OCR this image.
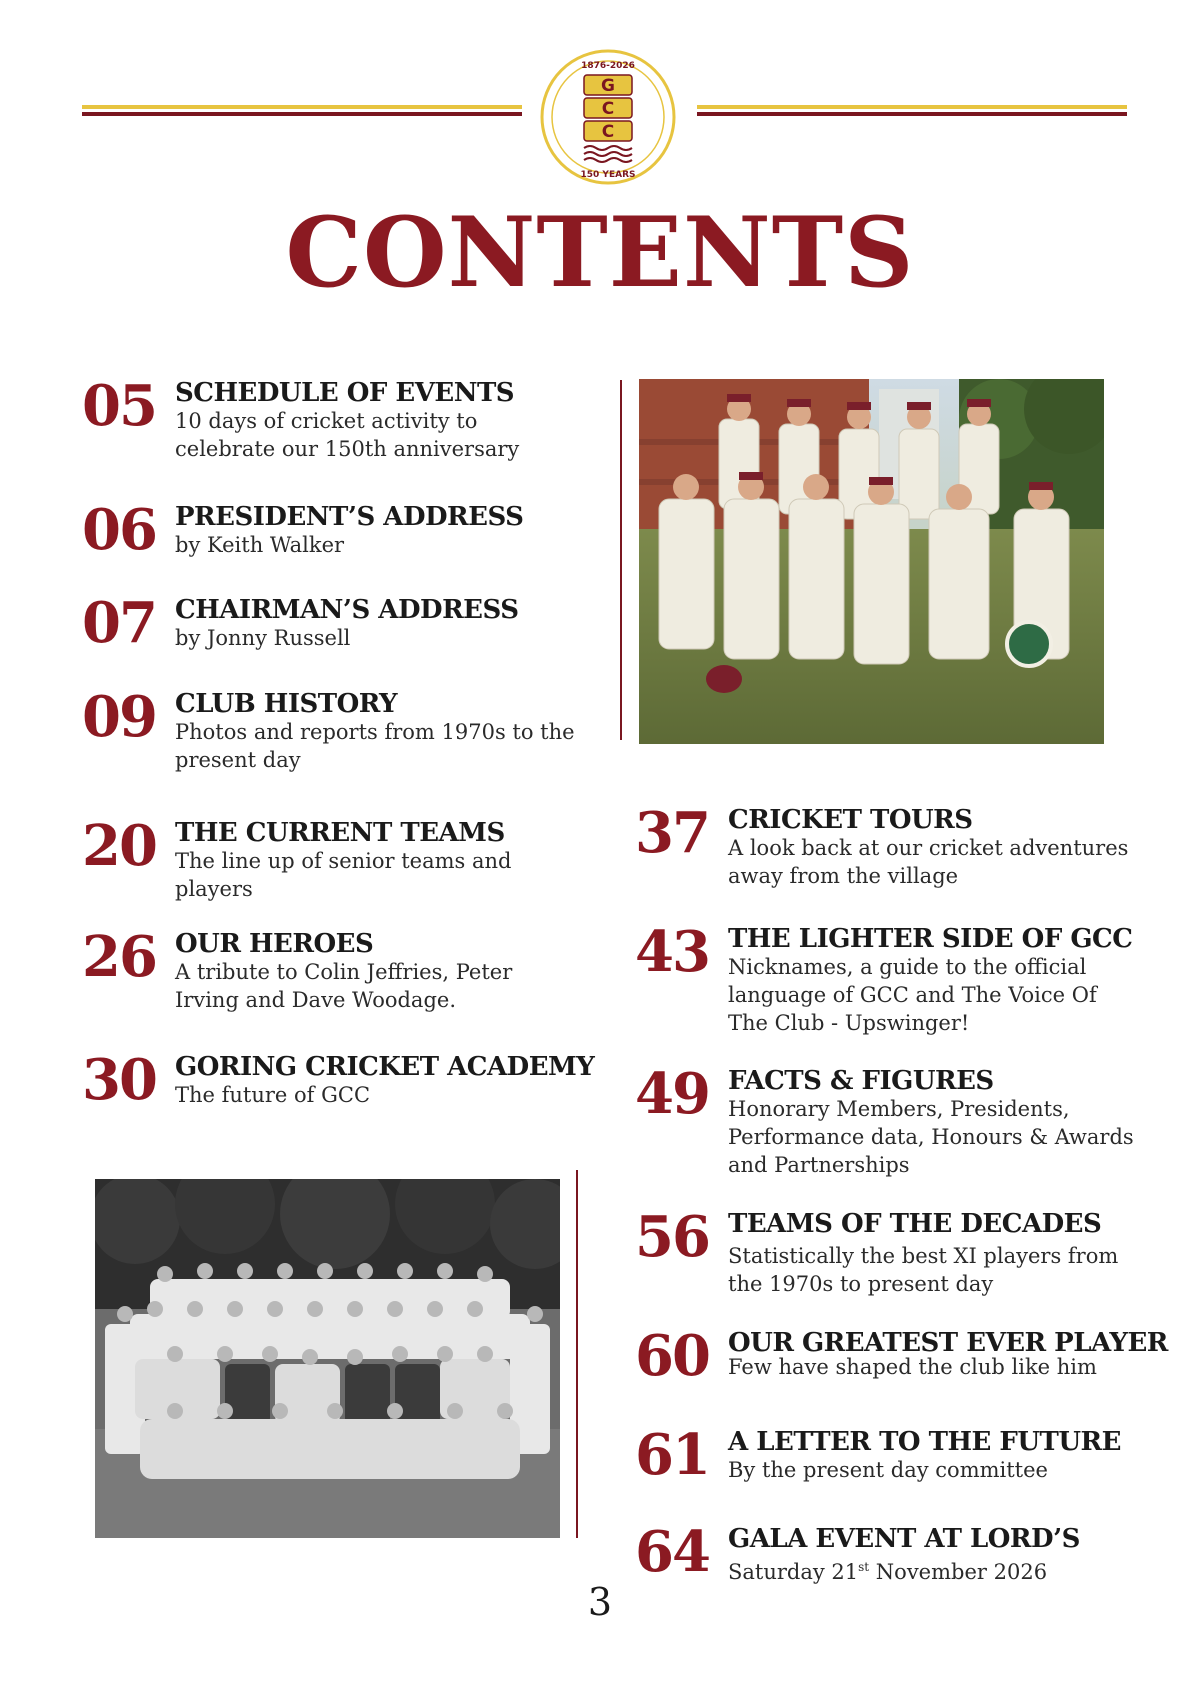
1876-2026
150 YEARS
G
C
C
CONTENTS
05 SCHEDULE OF EVENTS
10 days of cricket activity to celebrate our 150th anniversary
06 PRESIDENT’S ADDRESS
by Keith Walker
07 CHAIRMAN’S ADDRESS
by Jonny Russell
09 CLUB HISTORY
Photos and reports from 1970s to the present day
20 THE CURRENT TEAMS
The line up of senior teams and players
26 OUR HEROES
A tribute to Colin Jeffries, Peter Irving and Dave Woodage.
30 GORING CRICKET ACADEMY
The future of GCC
37 CRICKET TOURS
A look back at our cricket adventures away from the village
43 THE LIGHTER SIDE OF GCC
Nicknames, a guide to the official language of GCC and The Voice Of The Club - Upswinger!
49 FACTS & FIGURES
Honorary Members, Presidents, Performance data, Honours & Awards and Partnerships
56 TEAMS OF THE DECADES
Statistically the best XI players from the 1970s to present day
60 OUR GREATEST EVER PLAYER
Few have shaped the club like him
61 A LETTER TO THE FUTURE
By the present day committee
64 GALA EVENT AT LORD’S
Saturday 21st November 2026
3
